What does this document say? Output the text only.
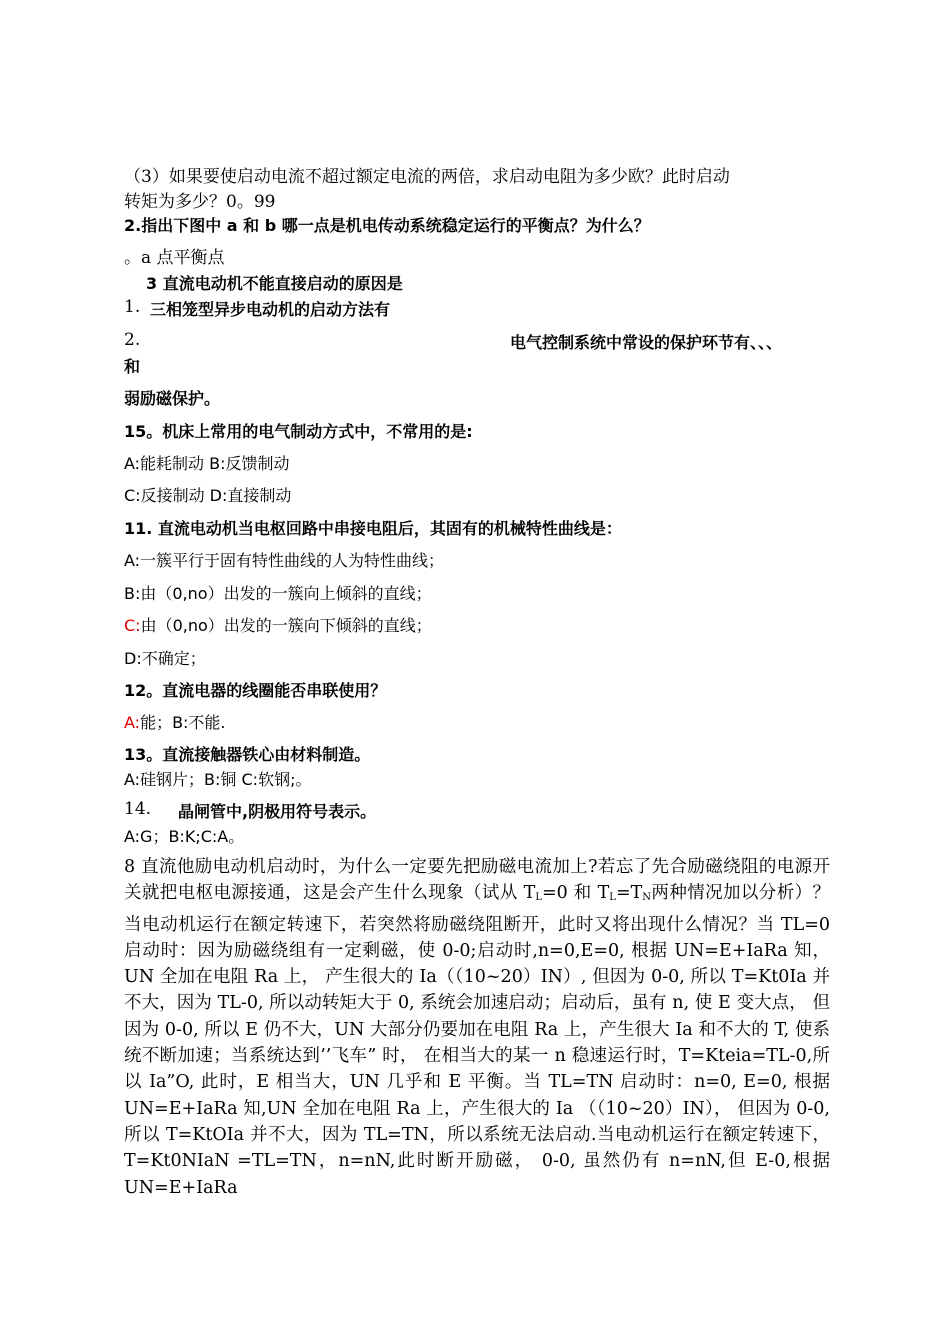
（3）如果要使启动电流不超过额定电流的两倍，求启动电阻为多少欧？此时启动
转矩为多少？0。99
2.指出下图中 a 和 b 哪一点是机电传动系统稳定运行的平衡点？为什么？
。a 点平衡点
3 直流电动机不能直接启动的原因是
1. 三相笼型异步电动机的启动方法有
2.	电气控制系统中常设的保护环节有、、、
和
弱励磁保护。
15。机床上常用的电气制动方式中，不常用的是:
A:能耗制动 B:反馈制动
C:反接制动 D:直接制动
11. 直流电动机当电枢回路中串接电阻后，其固有的机械特性曲线是：
A:一簇平行于固有特性曲线的人为特性曲线；
B:由（0,no）出发的一簇向上倾斜的直线；
C:由（0,no）出发的一簇向下倾斜的直线；
D:不确定；
12。直流电器的线圈能否串联使用？
A:能；B:不能.
13。直流接触器铁心由材料制造。
A:硅钢片；B:铜 C:软钢;。
14. 晶闸管中,阴极用符号表示。
A:G；B:K;C:A。
8 直流他励电动机启动时，为什么一定要先把励磁电流加上?若忘了先合励磁绕阻的电源开关就把电枢电源接通，这是会产生什么现象（试从 $T_L=0$ 和 $T_L=T_N$两种情况加以分析）？当电动机运行在额定转速下，若突然将励磁绕阻断开，此时又将出现什么情况？当 TL=0 启动时：因为励磁绕组有一定剩磁，使 0-0;启动时,n=0,E=0, 根据 UN=E+IaRa 知，UN 全加在电阻 Ra 上， 产生很大的 Ia（（10~20）IN）, 但因为 0-0, 所以 T=Kt0Ia 并不大，因为 TL-0, 所以动转矩大于 0, 系统会加速启动；启动后，虽有 n, 使 E 变大点， 但因为 0-0, 所以 E 仍不大，UN 大部分仍要加在电阻 Ra 上，产生很大 Ia 和不大的 T, 使系统不断加速；当系统达到’’飞车” 时， 在相当大的某一 n 稳速运行时，T=Kteia=TL-0,所以 Ia”O, 此时，E 相当大，UN 几乎和 E 平衡。当 TL=TN 启动时：n=0, E=0, 根据 UN=E+IaRa 知,UN 全加在电阻 Ra 上，产生很大的 Ia （（10~20）IN）， 但因为 0-0, 所以 T=KtOIa 并不大，因为 TL=TN，所以系统无法启动.当电动机运行在额定转速下，T=Kt0NIaN =TL=TN，n=nN,此时断开励磁， 0-0, 虽然仍有 n=nN,但 E-0,根据 UN=E+IaRa
